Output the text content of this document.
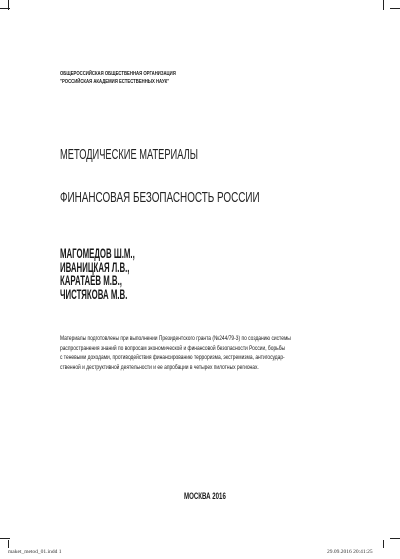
ОБЩЕРОССИЙСКАЯ ОБЩЕСТВЕННАЯ ОРГАНИЗАЦИЯ
"РОССИЙСКАЯ АКАДЕМИЯ ЕСТЕСТВЕННЫХ НАУК"
МЕТОДИЧЕСКИЕ МАТЕРИАЛЫ
ФИНАНСОВАЯ БЕЗОПАСНОСТЬ РОССИИ
МАГОМЕДОВ Ш.М.,
ИВАНИЦКАЯ Л.В.,
КАРАТАЕВ М.В.,
ЧИСТЯКОВА М.В.
Материалы подготовлены при выполнении Президентского гранта (№244/79-3) по созданию системы
распространения знаний по вопросам экономической и финансовой безопасности России, борьбы
с теневыми доходами, противодействия финансированию терроризма, экстремизма, антигосудар-
ственной и деструктивной деятельности и ее апробации в четырех пилотных регионах.
МОСКВА 2016
maket_metod_01.indd 1	29.09.2016 20:41:25
